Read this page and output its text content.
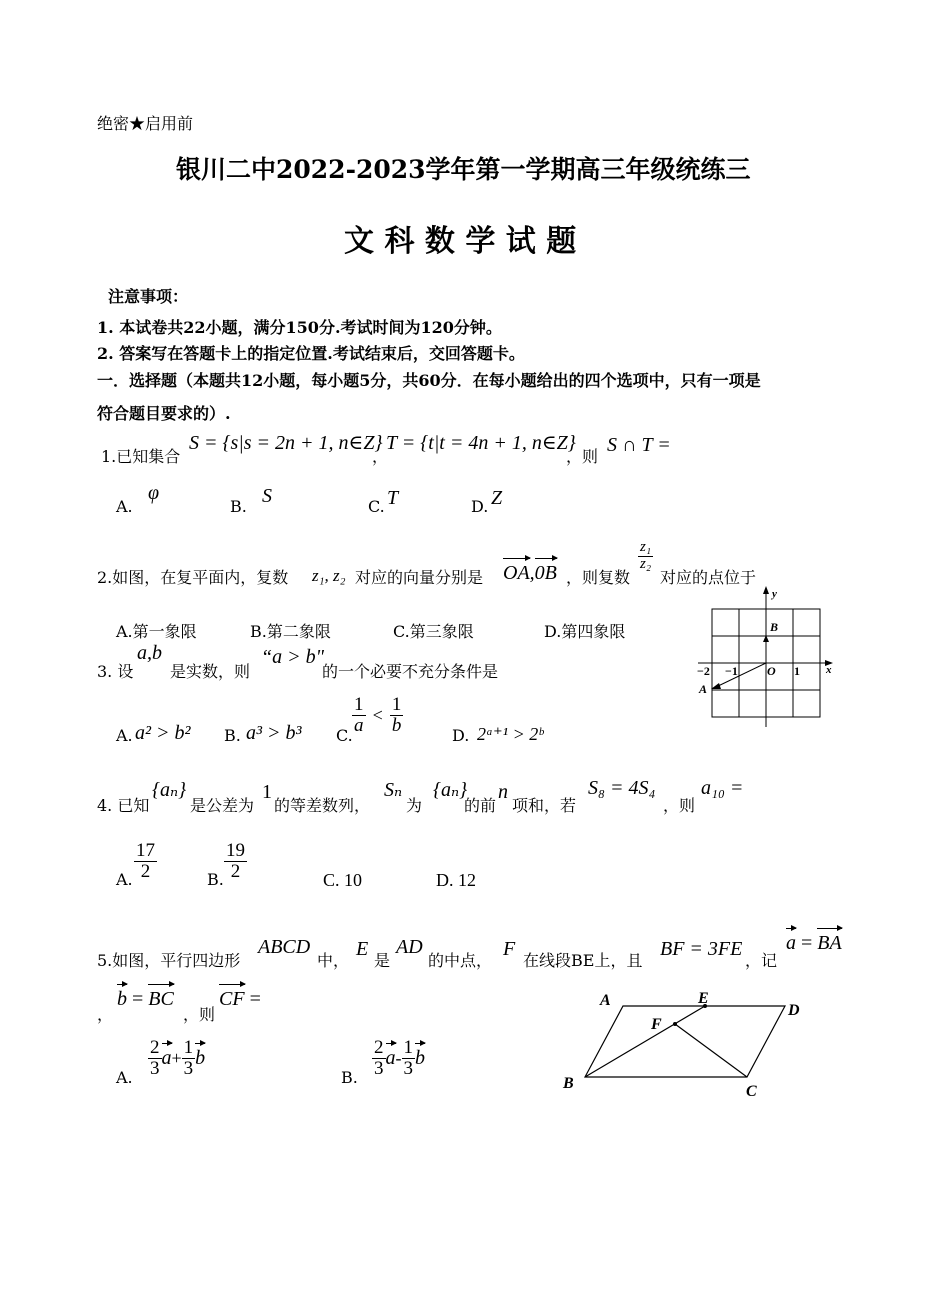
绝密★启用前
银川二中2022-2023学年第一学期高三年级统练三
文 科 数 学 试 题
注意事项：
1. 本试卷共22小题，满分150分.考试时间为120分钟。
2. 答案写在答题卡上的指定位置.考试结束后，交回答题卡。
一．选择题（本题共12小题，每小题5分，共60分．在每小题给出的四个选项中，只有一项是
符合题目要求的）.
1.已知集合
S = {s|s = 2n + 1, n∈Z}
，
T = {t|t = 4n + 1, n∈Z}
，则
S ∩ T =
A.
φ
B. S	C. T	D. Z
2.如图，在复平面内，复数 z₁, z₂ 对应的向量分别是 OA,0B ，则复数
$\frac{\text{z₁}}{\text{z₂}}$
对应的点位于
A.第一象限	B.第二象限	C.第三象限	D.第四象限
y
x
B
A
−2 −1 O 1
3. 设
a,b
是实数，则
“a > b"
的一个必要不充分条件是
A. a² > b² B. a³ > b³ C. $\frac{1}{a} < \frac{1}{b}$	D. 2ᵃ⁺¹ > 2ᵇ
4. 已知
{aₙ}
是公差为
1
的等差数列，
Sₙ
为
{aₙ}
的前
n
项和，若
S₈ = 4S₄
，则
a₁₀ =
A. $\frac{17}{2}$	B. $\frac{19}{2}$	C. 10	D. 12
5.如图，平行四边形
ABCD
中，
E
是
AD
的中点，
F
在线段BE上，且
BF = 3FE
，记
a = BA
，
b = BC
，则
CF =
A. $\frac{2}{3} a+ \frac{1}{3}$ b
B. $\frac{2}{3} a- \frac{1}{3}$ b
A	E
D
F
B	C
